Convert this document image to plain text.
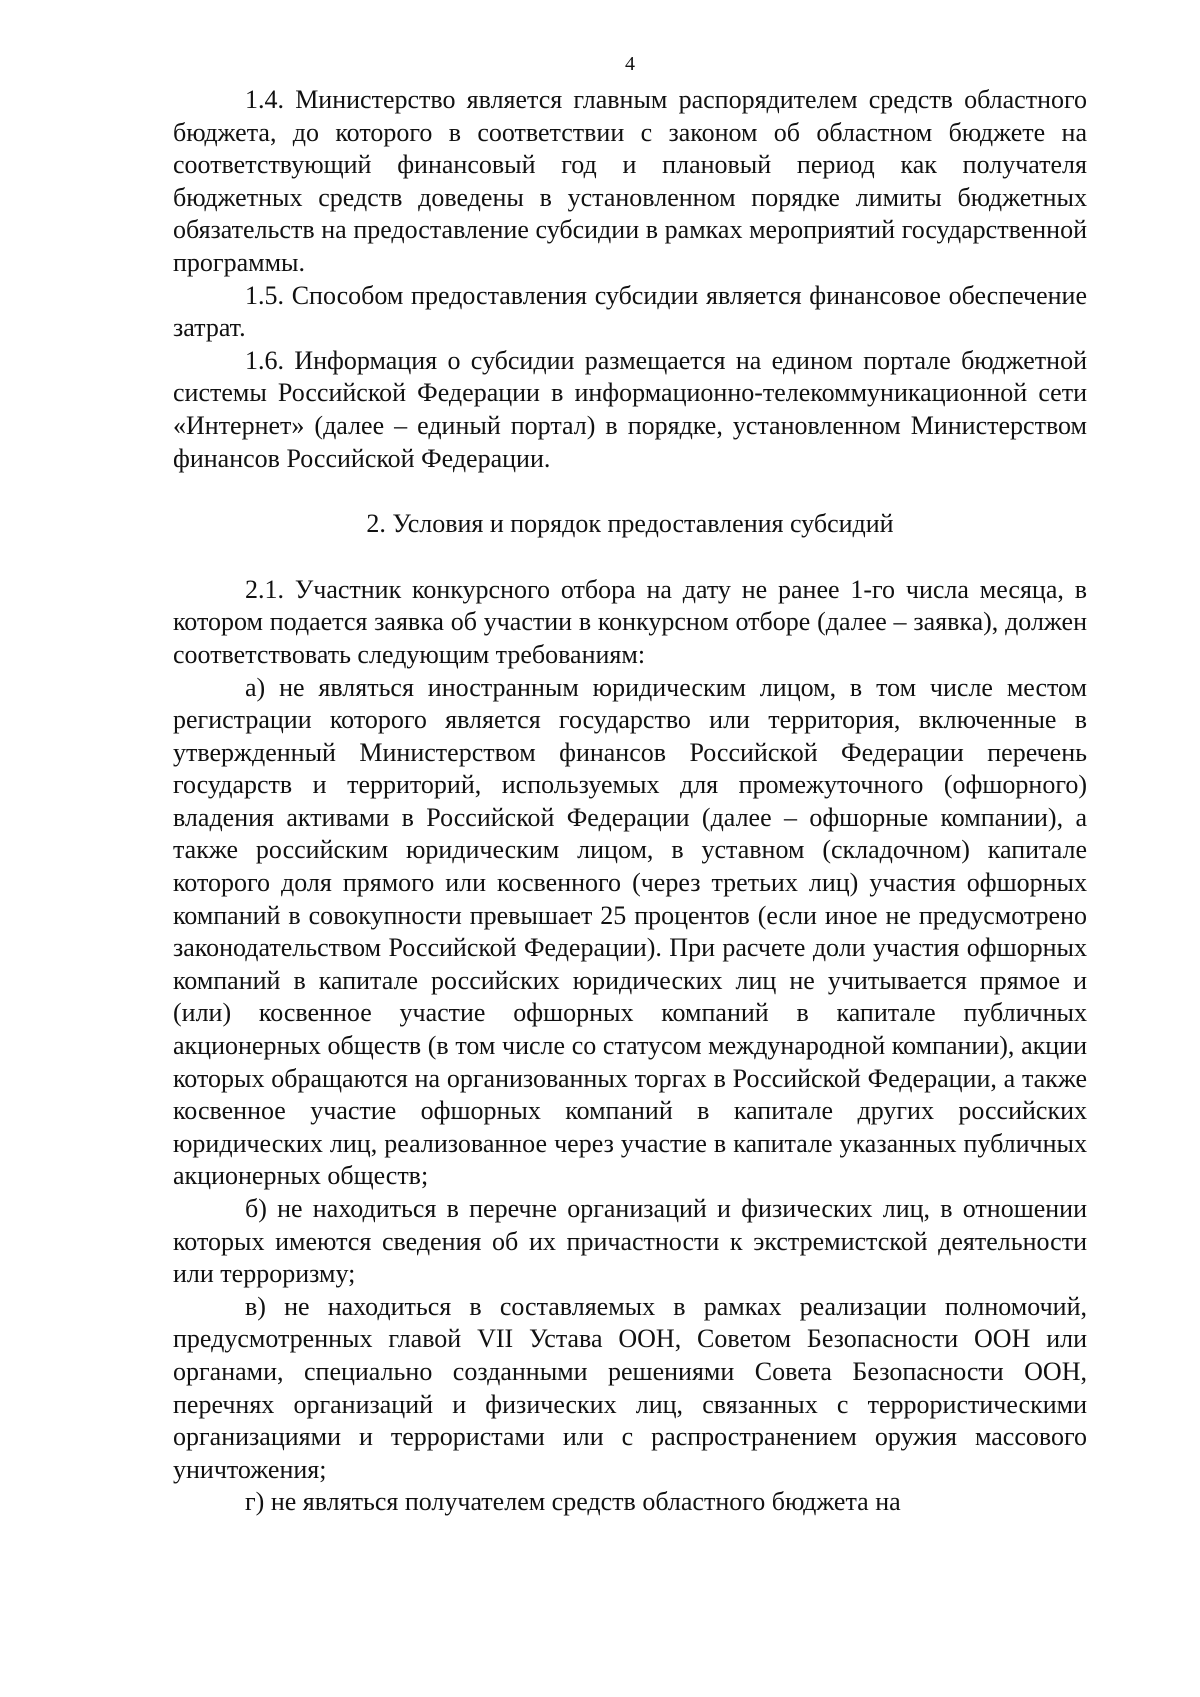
4

1.4. Министерство является главным распорядителем средств областного бюджета, до которого в соответствии с законом об областном бюджете на соответствующий финансовый год и плановый период как получателя бюджетных средств доведены в установленном порядке лимиты бюджетных обязательств на предоставление субсидии в рамках мероприятий государственной программы.

1.5. Способом предоставления субсидии является финансовое обеспечение затрат.

1.6. Информация о субсидии размещается на едином портале бюджетной системы Российской Федерации в информационно-телекоммуникационной сети «Интернет» (далее – единый портал) в порядке, установленном Министерством финансов Российской Федерации.

2. Условия и порядок предоставления субсидий

2.1. Участник конкурсного отбора на дату не ранее 1-го числа месяца, в котором подается заявка об участии в конкурсном отборе (далее – заявка), должен соответствовать следующим требованиям:

а) не являться иностранным юридическим лицом, в том числе местом регистрации которого является государство или территория, включенные в утвержденный Министерством финансов Российской Федерации перечень государств и территорий, используемых для промежуточного (офшорного) владения активами в Российской Федерации (далее – офшорные компании), а также российским юридическим лицом, в уставном (складочном) капитале которого доля прямого или косвенного (через третьих лиц) участия офшорных компаний в совокупности превышает 25 процентов (если иное не предусмотрено законодательством Российской Федерации). При расчете доли участия офшорных компаний в капитале российских юридических лиц не учитывается прямое и (или) косвенное участие офшорных компаний в капитале публичных акционерных обществ (в том числе со статусом международной компании), акции которых обращаются на организованных торгах в Российской Федерации, а также косвенное участие офшорных компаний в капитале других российских юридических лиц, реализованное через участие в капитале указанных публичных акционерных обществ;

б) не находиться в перечне организаций и физических лиц, в отношении которых имеются сведения об их причастности к экстремистской деятельности или терроризму;

в) не находиться в составляемых в рамках реализации полномочий, предусмотренных главой VII Устава ООН, Советом Безопасности ООН или органами, специально созданными решениями Совета Безопасности ООН, перечнях организаций и физических лиц, связанных с террористическими организациями и террористами или с распространением оружия массового уничтожения;

г) не являться получателем средств областного бюджета на
